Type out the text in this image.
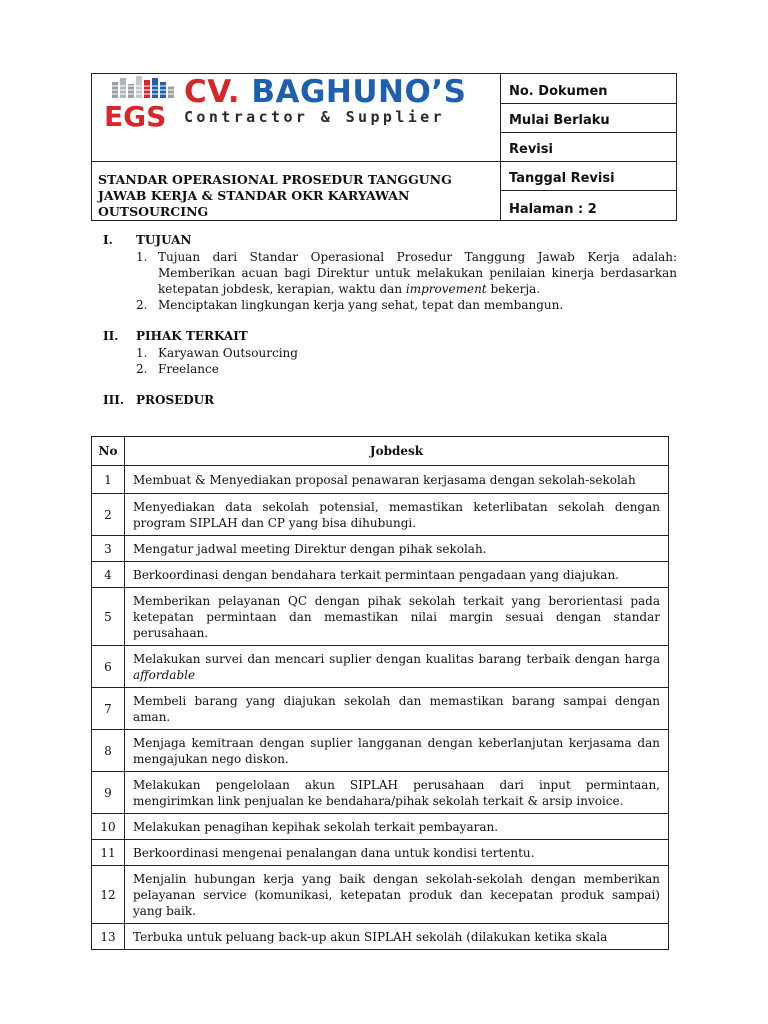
EGS
CV. BAGHUNO’S
Contractor & Supplier
STANDAR OPERASIONAL PROSEDUR TANGGUNG JAWAB KERJA & STANDAR OKR KARYAWAN OUTSOURCING
No. Dokumen
Mulai Berlaku
Revisi
Tanggal Revisi
Halaman : 2
I. TUJUAN
1. Tujuan dari Standar Operasional Prosedur Tanggung Jawab Kerja adalah: Memberikan acuan bagi Direktur untuk melakukan penilaian kinerja berdasarkan ketepatan jobdesk, kerapian, waktu dan improvement bekerja.
2. Menciptakan lingkungan kerja yang sehat, tepat dan membangun.
II. PIHAK TERKAIT
1. Karyawan Outsourcing
2. Freelance
III. PROSEDUR
No	Jobdesk
1	Membuat & Menyediakan proposal penawaran kerjasama dengan sekolah-sekolah
2	Menyediakan data sekolah potensial, memastikan keterlibatan sekolah dengan program SIPLAH dan CP yang bisa dihubungi.
3	Mengatur jadwal meeting Direktur dengan pihak sekolah.
4	Berkoordinasi dengan bendahara terkait permintaan pengadaan yang diajukan.
5	Memberikan pelayanan QC dengan pihak sekolah terkait yang berorientasi pada ketepatan permintaan dan memastikan nilai margin sesuai dengan standar perusahaan.
6	Melakukan survei dan mencari suplier dengan kualitas barang terbaik dengan harga affordable
7	Membeli barang yang diajukan sekolah dan memastikan barang sampai dengan aman.
8	Menjaga kemitraan dengan suplier langganan dengan keberlanjutan kerjasama dan mengajukan nego diskon.
9	Melakukan pengelolaan akun SIPLAH perusahaan dari input permintaan, mengirimkan link penjualan ke bendahara/pihak sekolah terkait & arsip invoice.
10	Melakukan penagihan kepihak sekolah terkait pembayaran.
11	Berkoordinasi mengenai penalangan dana untuk kondisi tertentu.
12	Menjalin hubungan kerja yang baik dengan sekolah-sekolah dengan memberikan pelayanan service (komunikasi, ketepatan produk dan kecepatan produk sampai) yang baik.
13	Terbuka untuk peluang back-up akun SIPLAH sekolah (dilakukan ketika skala
